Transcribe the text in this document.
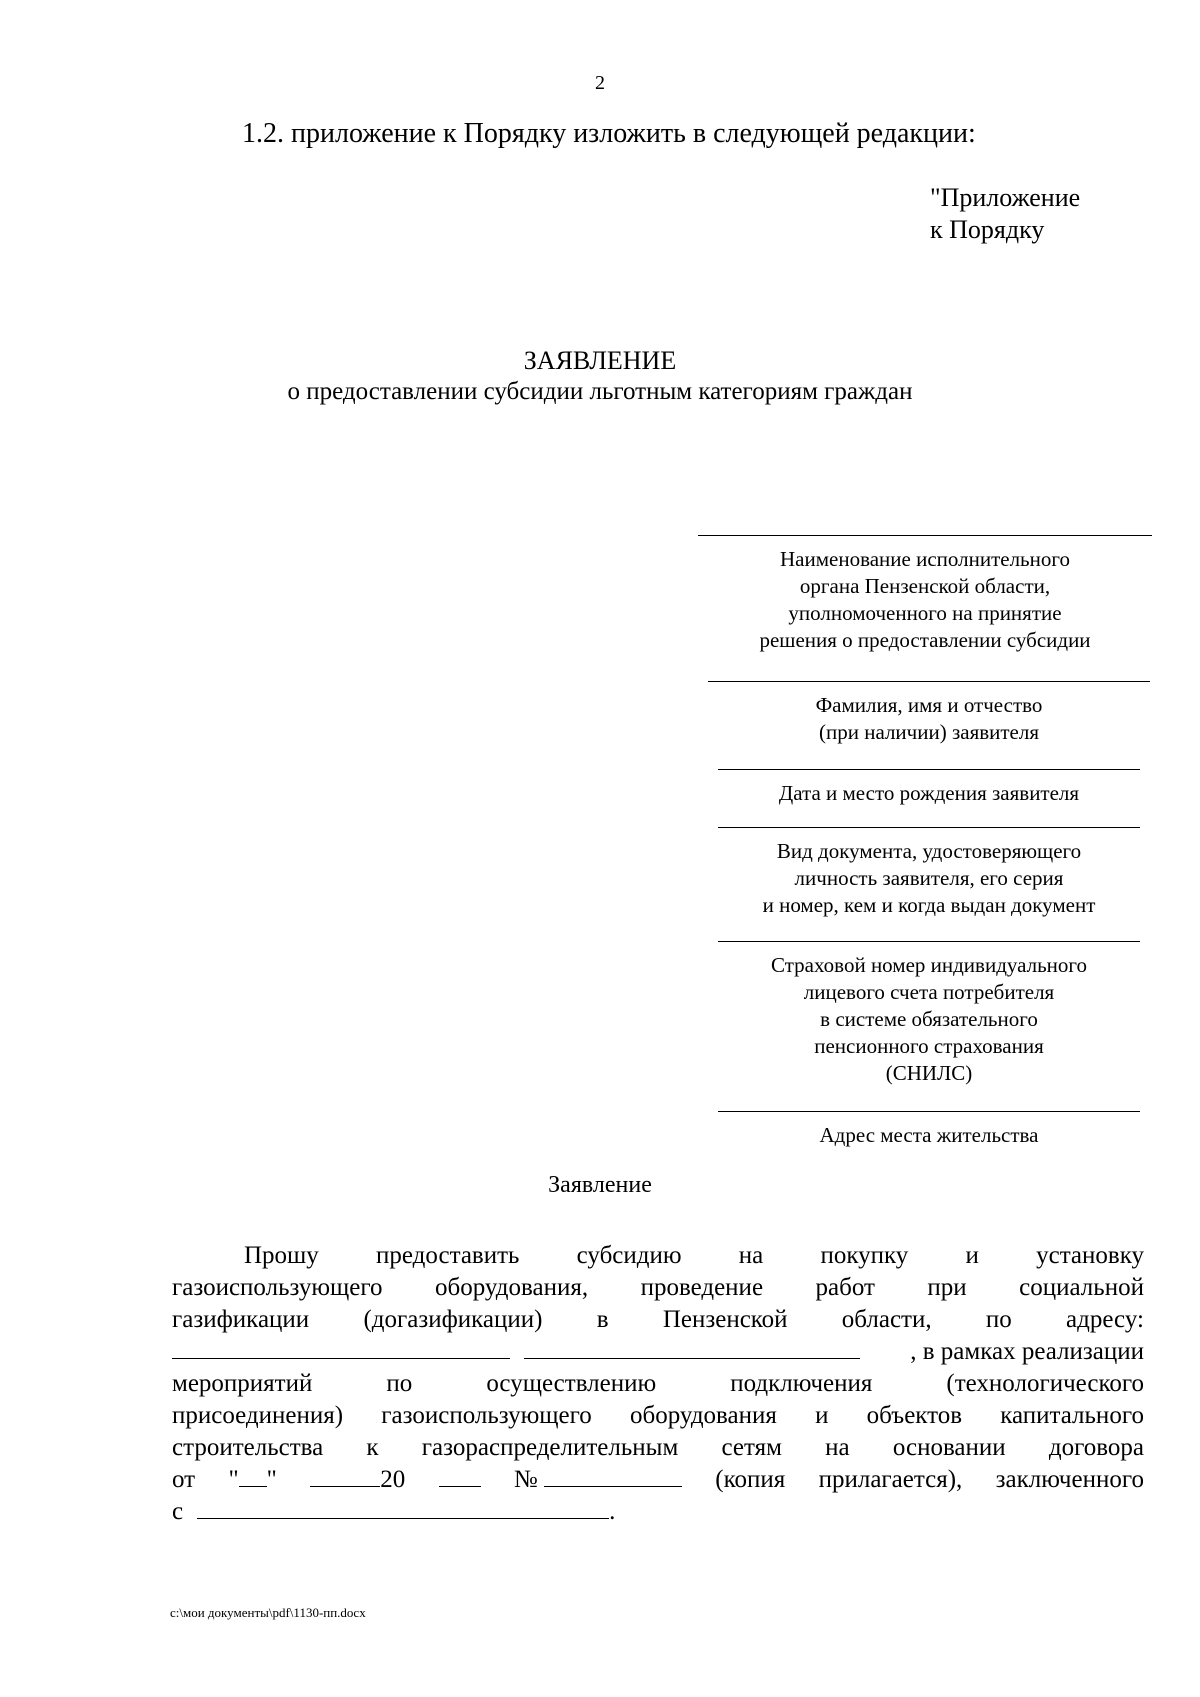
2
1.2. приложение к Порядку изложить в следующей редакции:
"Приложение
к Порядку
ЗАЯВЛЕНИЕ
о предоставлении субсидии льготным категориям граждан
Наименование исполнительного
органа Пензенской области,
уполномоченного на принятие
решения о предоставлении субсидии
Фамилия, имя и отчество
(при наличии) заявителя
Дата и место рождения заявителя
Вид документа, удостоверяющего
личность заявителя, его серия
и номер, кем и когда выдан документ
Страховой номер индивидуального
лицевого счета потребителя
в системе обязательного
пенсионного страхования
(СНИЛС)
Адрес места жительства
Заявление
Прошу предоставить субсидию на покупку и установку
газоиспользующего оборудования, проведение работ при социальной
газификации (догазификации) в Пензенской области, по адресу:
, в рамках реализации
мероприятий	по	осуществлению	подключения	(технологического
присоединения) газоиспользующего оборудования и объектов капитального
строительства к газораспределительным сетям на основании договора
от " "	20	№	(копия прилагается), заключенного
с	.
c:\мои документы\pdf\1130-пп.docx
